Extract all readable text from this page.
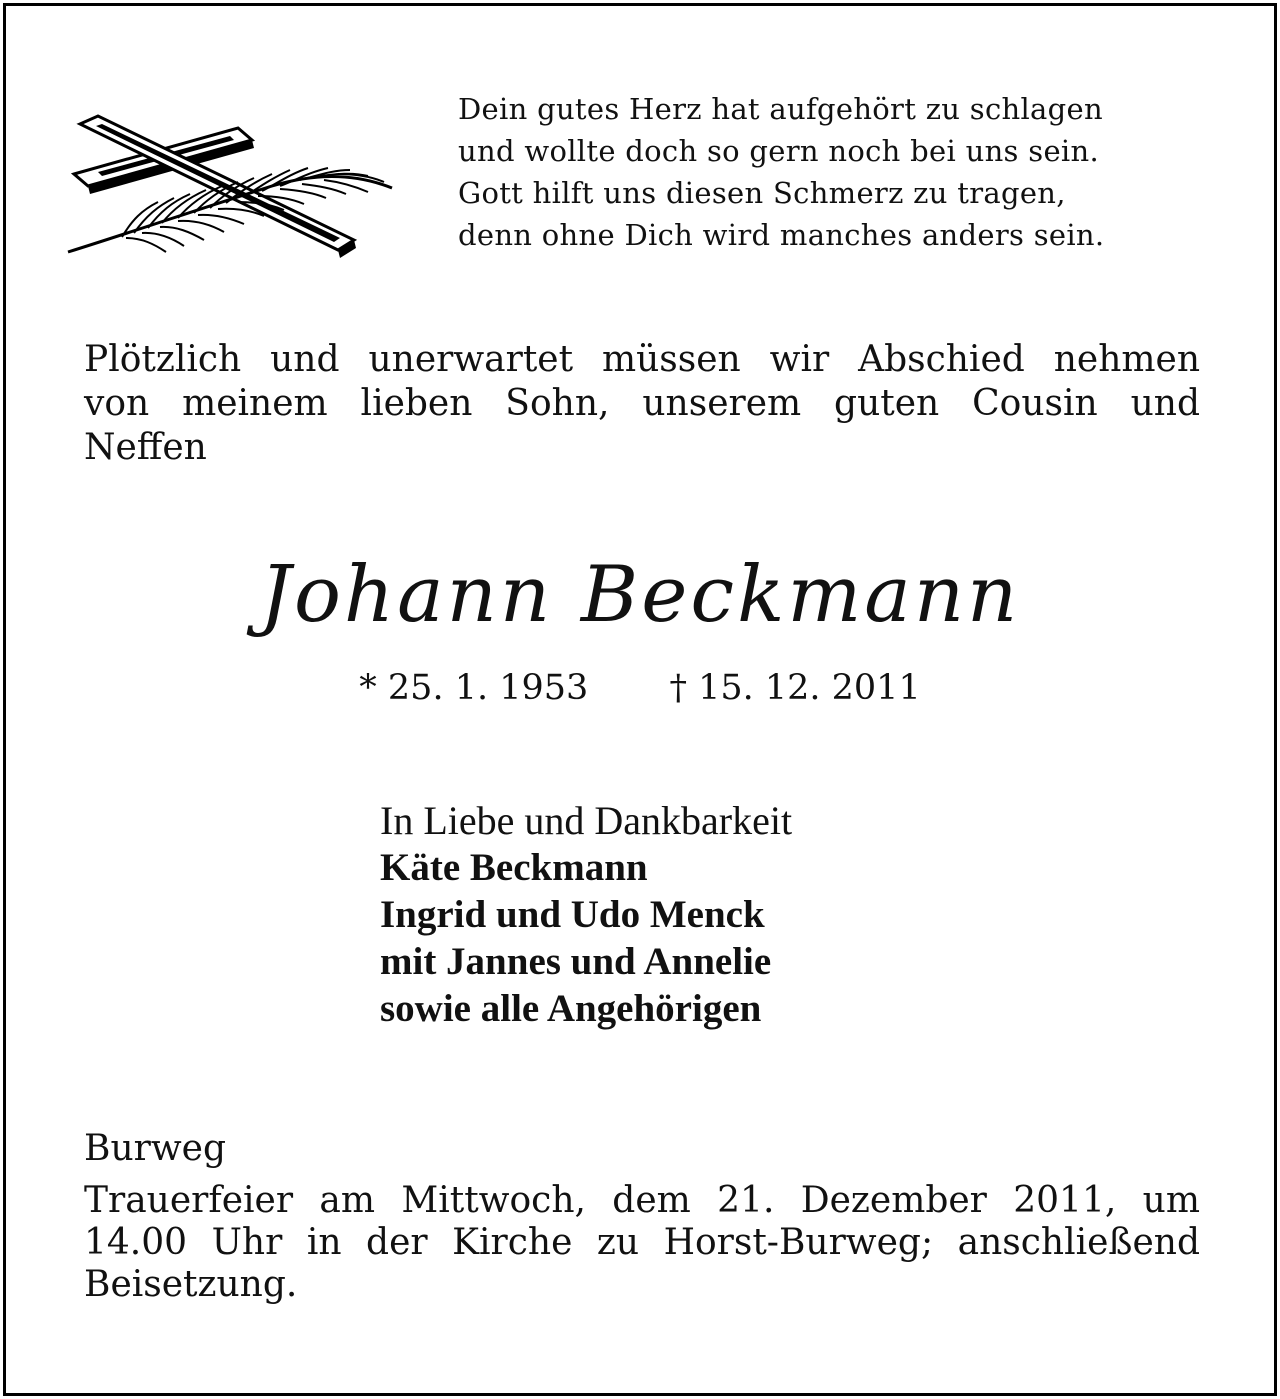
Dein gutes Herz hat aufgehört zu schlagen
und wollte doch so gern noch bei uns sein.
Gott hilft uns diesen Schmerz zu tragen,
denn ohne Dich wird manches anders sein.
Plötzlich und unerwartet müssen wir Abschied nehmen
von meinem lieben Sohn, unserem guten Cousin und
Neffen
Johann Beckmann
* 25. 1. 1953 † 15. 12. 2011
In Liebe und Dankbarkeit
Käte Beckmann
Ingrid und Udo Menck
mit Jannes und Annelie
sowie alle Angehörigen
Burweg
Trauerfeier am Mittwoch, dem 21. Dezember 2011, um
14.00 Uhr in der Kirche zu Horst-Burweg; anschließend
Beisetzung.
